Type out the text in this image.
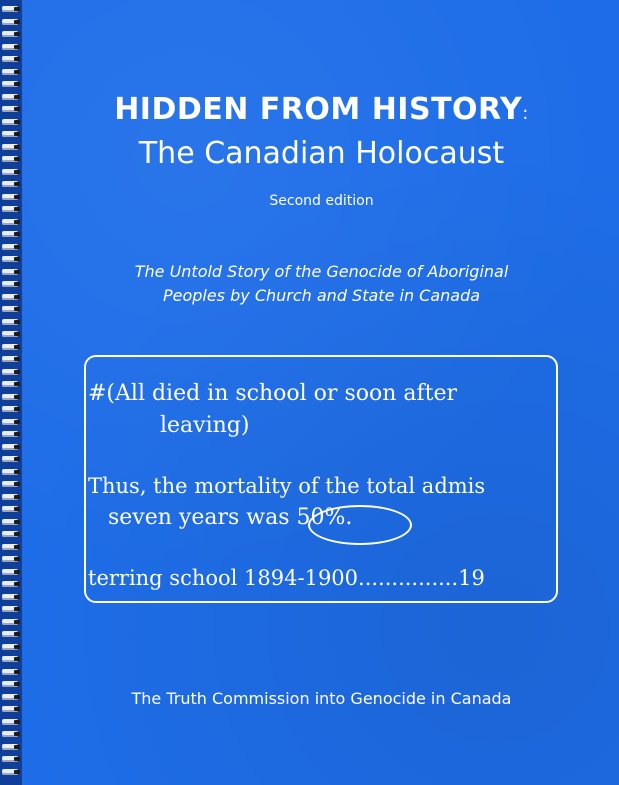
HIDDEN FROM HISTORY:
The Canadian Holocaust
Second edition
The Untold Story of the Genocide of Aboriginal
Peoples by Church and State in Canada
#(All died in school or soon after
leaving)
Thus, the mortality of the total admis
seven years was 50%.
terring school 1894-1900...............19
The Truth Commission into Genocide in Canada
